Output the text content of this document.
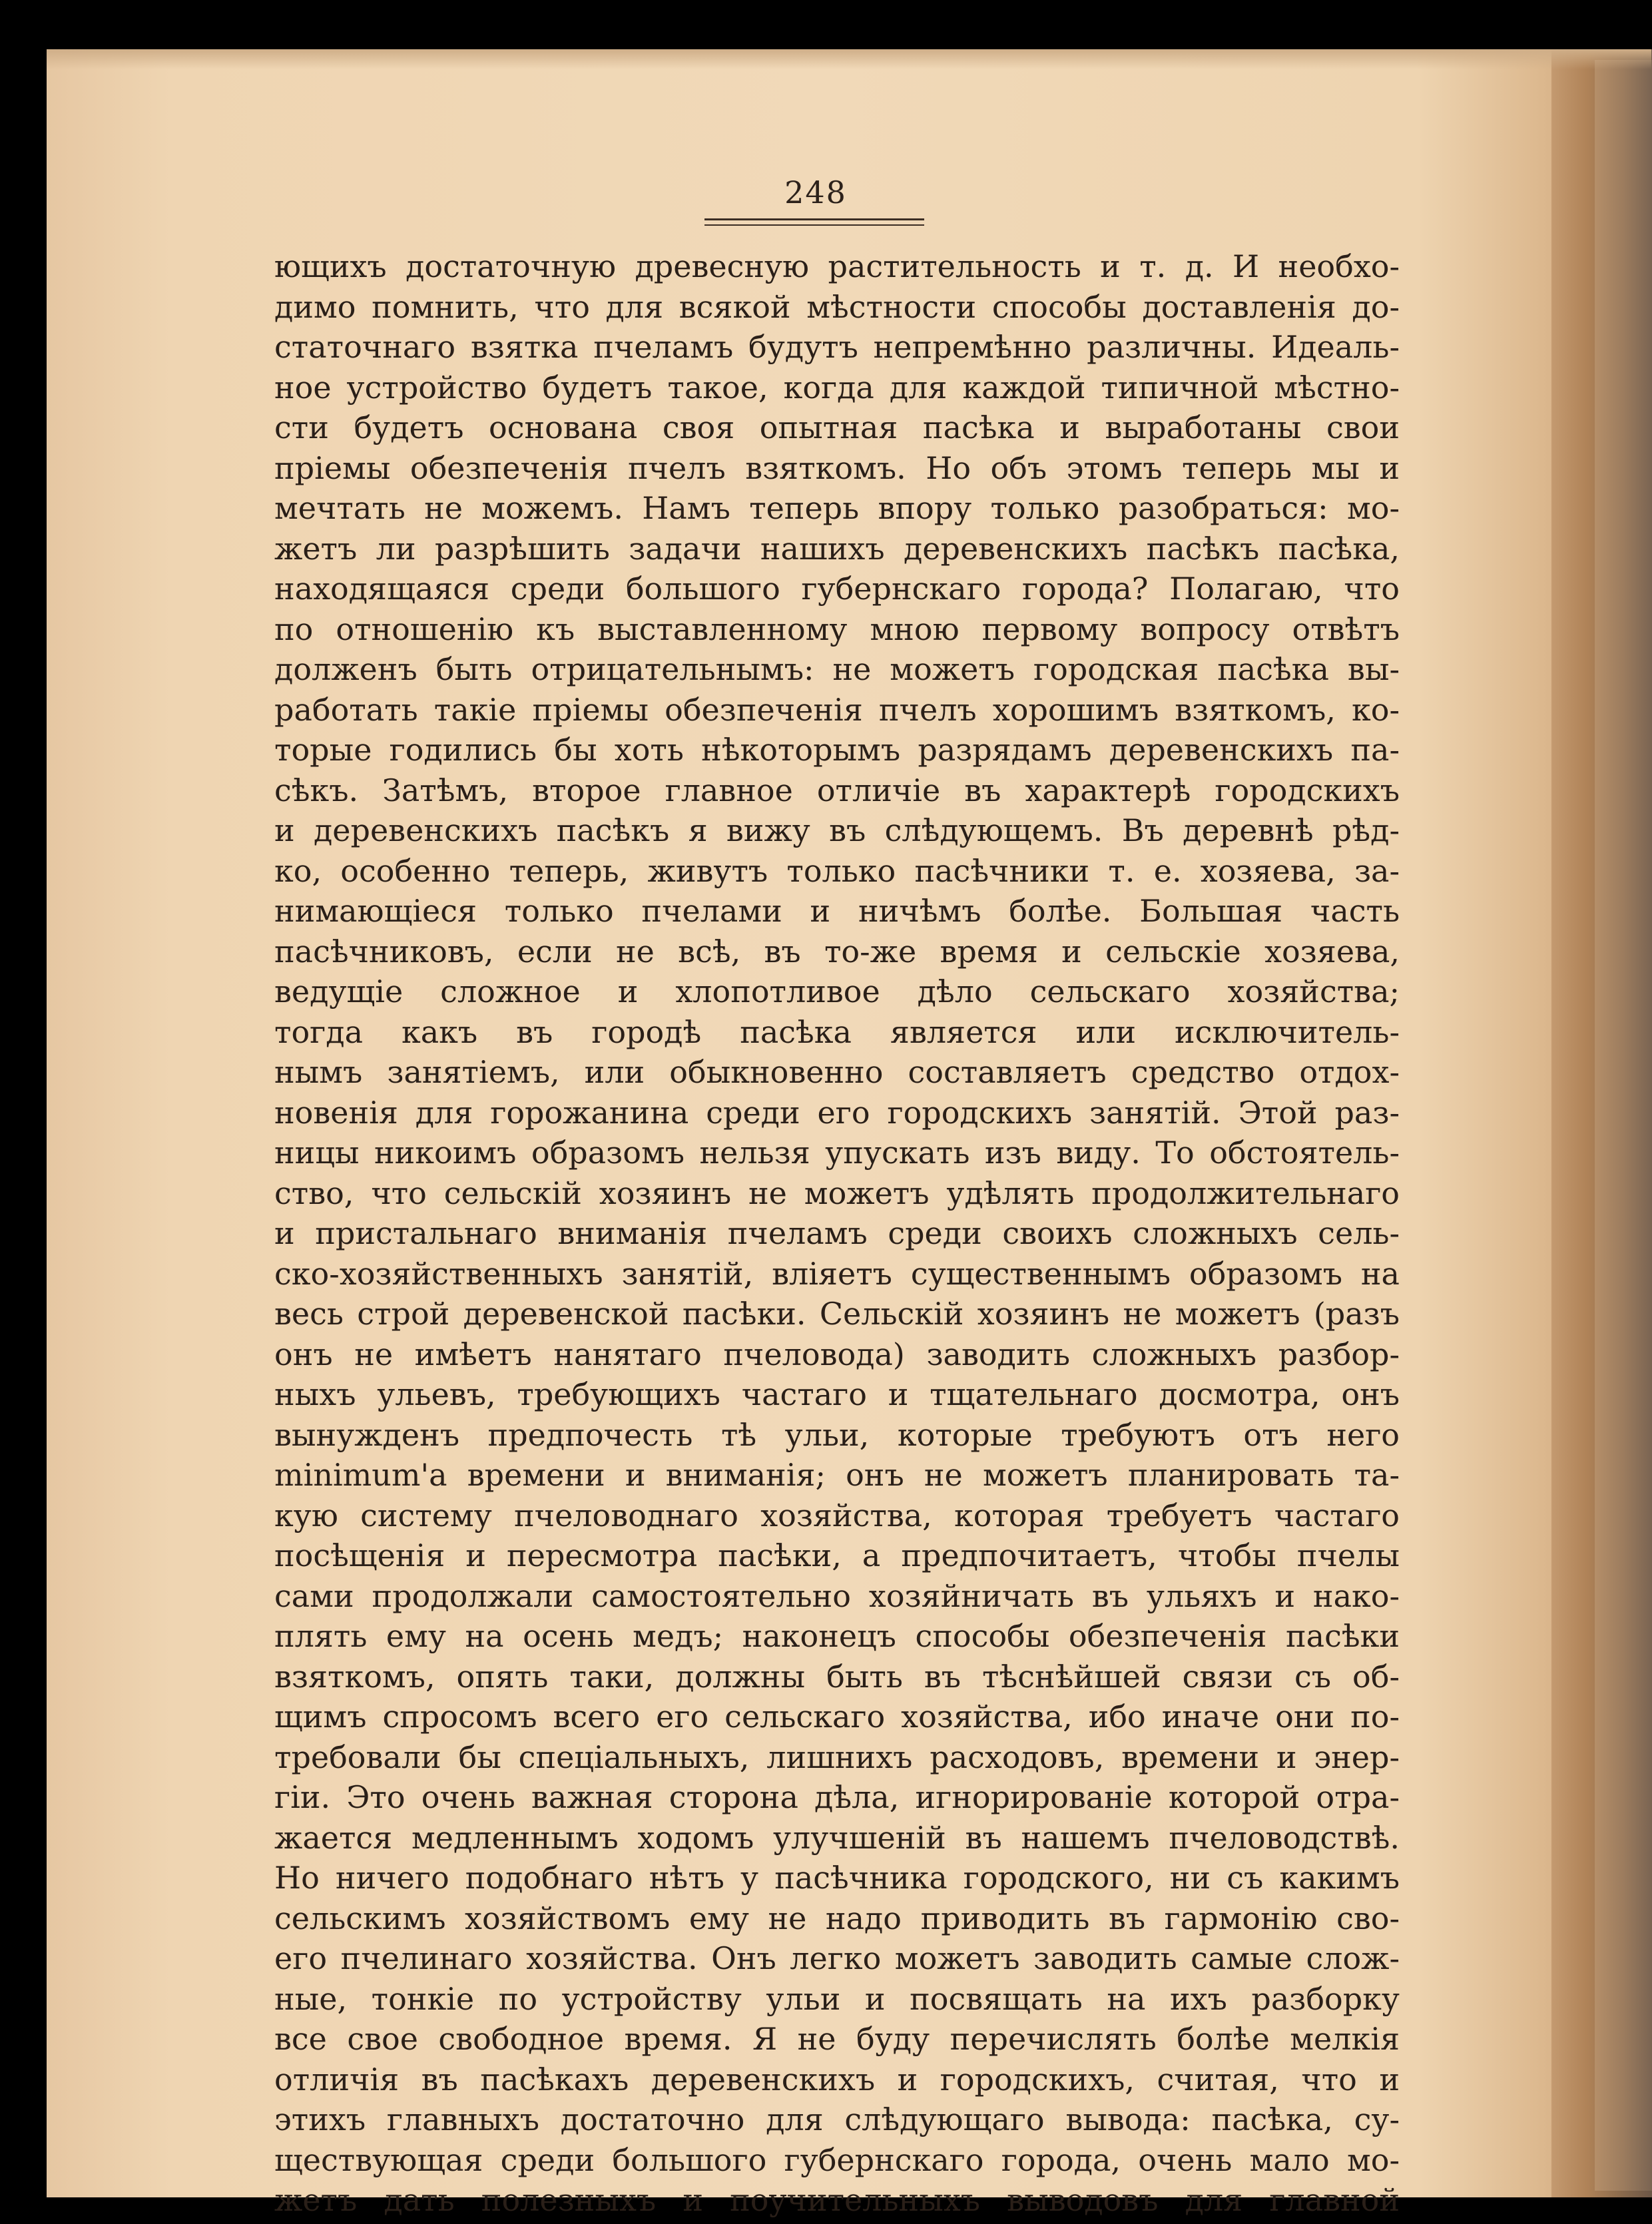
248
ющихъ достаточную древесную растительность и т. д. И необхо-
димо помнить, что для всякой мѣстности способы доставленія до-
статочнаго взятка пчеламъ будутъ непремѣнно различны. Идеаль-
ное устройство будетъ такое, когда для каждой типичной мѣстно-
сти будетъ основана своя опытная пасѣка и выработаны свои
пріемы обезпеченія пчелъ взяткомъ. Но объ этомъ теперь мы и
мечтать не можемъ. Намъ теперь впору только разобраться: мо-
жетъ ли разрѣшить задачи нашихъ деревенскихъ пасѣкъ пасѣка,
находящаяся среди большого губернскаго города? Полагаю, что
по отношенію къ выставленному мною первому вопросу отвѣтъ
долженъ быть отрицательнымъ: не можетъ городская пасѣка вы-
работать такіе пріемы обезпеченія пчелъ хорошимъ взяткомъ, ко-
торые годились бы хоть нѣкоторымъ разрядамъ деревенскихъ па-
сѣкъ. Затѣмъ, второе главное отличіе въ характерѣ городскихъ
и деревенскихъ пасѣкъ я вижу въ слѣдующемъ. Въ деревнѣ рѣд-
ко, особенно теперь, живутъ только пасѣчники т. е. хозяева, за-
нимающіеся только пчелами и ничѣмъ болѣе. Большая часть
пасѣчниковъ, если не всѣ, въ то-же время и сельскіе хозяева,
ведущіе сложное и хлопотливое дѣло сельскаго хозяйства;
тогда какъ въ городѣ пасѣка является или исключитель-
нымъ занятіемъ, или обыкновенно составляетъ средство отдох-
новенія для горожанина среди его городскихъ занятій. Этой раз-
ницы никоимъ образомъ нельзя упускать изъ виду. То обстоятель-
ство, что сельскій хозяинъ не можетъ удѣлять продолжительнаго
и пристальнаго вниманія пчеламъ среди своихъ сложныхъ сель-
ско-хозяйственныхъ занятій, вліяетъ существеннымъ образомъ на
весь строй деревенской пасѣки. Сельскій хозяинъ не можетъ (разъ
онъ не имѣетъ нанятаго пчеловода) заводить сложныхъ разбор-
ныхъ ульевъ, требующихъ частаго и тщательнаго досмотра, онъ
вынужденъ предпочесть тѣ ульи, которые требуютъ отъ него
minimum'а времени и вниманія; онъ не можетъ планировать та-
кую систему пчеловоднаго хозяйства, которая требуетъ частаго
посѣщенія и пересмотра пасѣки, а предпочитаетъ, чтобы пчелы
сами продолжали самостоятельно хозяйничать въ ульяхъ и нако-
плять ему на осень медъ; наконецъ способы обезпеченія пасѣки
взяткомъ, опять таки, должны быть въ тѣснѣйшей связи съ об-
щимъ спросомъ всего его сельскаго хозяйства, ибо иначе они по-
требовали бы спеціальныхъ, лишнихъ расходовъ, времени и энер-
гіи. Это очень важная сторона дѣла, игнорированіе которой отра-
жается медленнымъ ходомъ улучшеній въ нашемъ пчеловодствѣ.
Но ничего подобнаго нѣтъ у пасѣчника городского, ни съ какимъ
сельскимъ хозяйствомъ ему не надо приводить въ гармонію сво-
его пчелинаго хозяйства. Онъ легко можетъ заводить самые слож-
ные, тонкіе по устройству ульи и посвящать на ихъ разборку
все свое свободное время. Я не буду перечислять болѣе мелкія
отличія въ пасѣкахъ деревенскихъ и городскихъ, считая, что и
этихъ главныхъ достаточно для слѣдующаго вывода: пасѣка, су-
ществующая среди большого губернскаго города, очень мало мо-
жетъ дать полезныхъ и поучительныхъ выводовъ для главной
